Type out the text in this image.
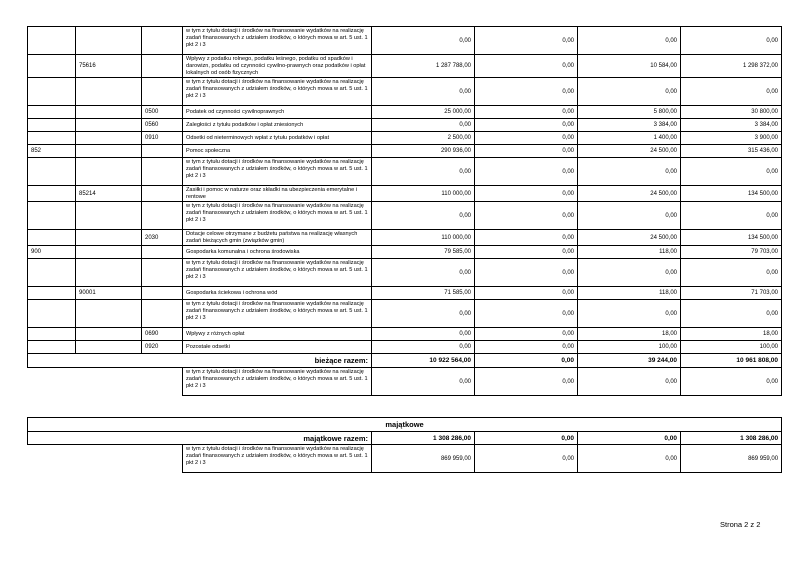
			w tym z tytułu dotacji i środków na finansowanie wydatków na realizację zadań finansowanych z udziałem środków, o których mowa w art. 5 ust. 1 pkt 2 i 3	0,00	0,00	0,00	0,00
	75616		Wpływy z podatku rolnego, podatku leśnego, podatku od spadków i darowizn, podatku od czynności cywilno-prawnych oraz podatków i opłat lokalnych od osób fizycznych	1 287 788,00	0,00	10 584,00	1 298 372,00
			w tym z tytułu dotacji i środków na finansowanie wydatków na realizację zadań finansowanych z udziałem środków, o których mowa w art. 5 ust. 1 pkt 2 i 3	0,00	0,00	0,00	0,00
		0500	Podatek od czynności cywilnoprawnych	25 000,00	0,00	5 800,00	30 800,00
		0560	Zaległości z tytułu podatków i opłat zniesionych	0,00	0,00	3 384,00	3 384,00
		0910	Odsetki od nieterminowych wpłat z tytułu podatków i opłat	2 500,00	0,00	1 400,00	3 900,00
852			Pomoc społeczna	290 936,00	0,00	24 500,00	315 436,00
			w tym z tytułu dotacji i środków na finansowanie wydatków na realizację zadań finansowanych z udziałem środków, o których mowa w art. 5 ust. 1 pkt 2 i 3	0,00	0,00	0,00	0,00
	85214		Zasiłki i pomoc w naturze oraz składki na ubezpieczenia emerytalne i rentowe	110 000,00	0,00	24 500,00	134 500,00
			w tym z tytułu dotacji i środków na finansowanie wydatków na realizację zadań finansowanych z udziałem środków, o których mowa w art. 5 ust. 1 pkt 2 i 3	0,00	0,00	0,00	0,00
		2030	Dotacje celowe otrzymane z budżetu państwa na realizację własnych zadań bieżących gmin (związków gmin)	110 000,00	0,00	24 500,00	134 500,00
900			Gospodarka komunalna i ochrona środowiska	79 585,00	0,00	118,00	79 703,00
			w tym z tytułu dotacji i środków na finansowanie wydatków na realizację zadań finansowanych z udziałem środków, o których mowa w art. 5 ust. 1 pkt 2 i 3	0,00	0,00	0,00	0,00
	90001		Gospodarka ściekowa i ochrona wód	71 585,00	0,00	118,00	71 703,00
			w tym z tytułu dotacji i środków na finansowanie wydatków na realizację zadań finansowanych z udziałem środków, o których mowa w art. 5 ust. 1 pkt 2 i 3	0,00	0,00	0,00	0,00
		0690	Wpływy z różnych opłat	0,00	0,00	18,00	18,00
		0920	Pozostałe odsetki	0,00	0,00	100,00	100,00
bieżące razem:				10 922 564,00	0,00	39 244,00	10 961 808,00
			w tym z tytułu dotacji i środków na finansowanie wydatków na realizację zadań finansowanych z udziałem środków, o których mowa w art. 5 ust. 1 pkt 2 i 3	0,00	0,00	0,00	0,00
majątkowe					
majątkowe razem:		1 308 286,00	0,00	0,00	1 308 286,00
	w tym z tytułu dotacji i środków na finansowanie wydatków na realizację zadań finansowanych z udziałem środków, o których mowa w art. 5 ust. 1 pkt 2 i 3	869 959,00	0,00	0,00	869 959,00
Strona 2 z 2
